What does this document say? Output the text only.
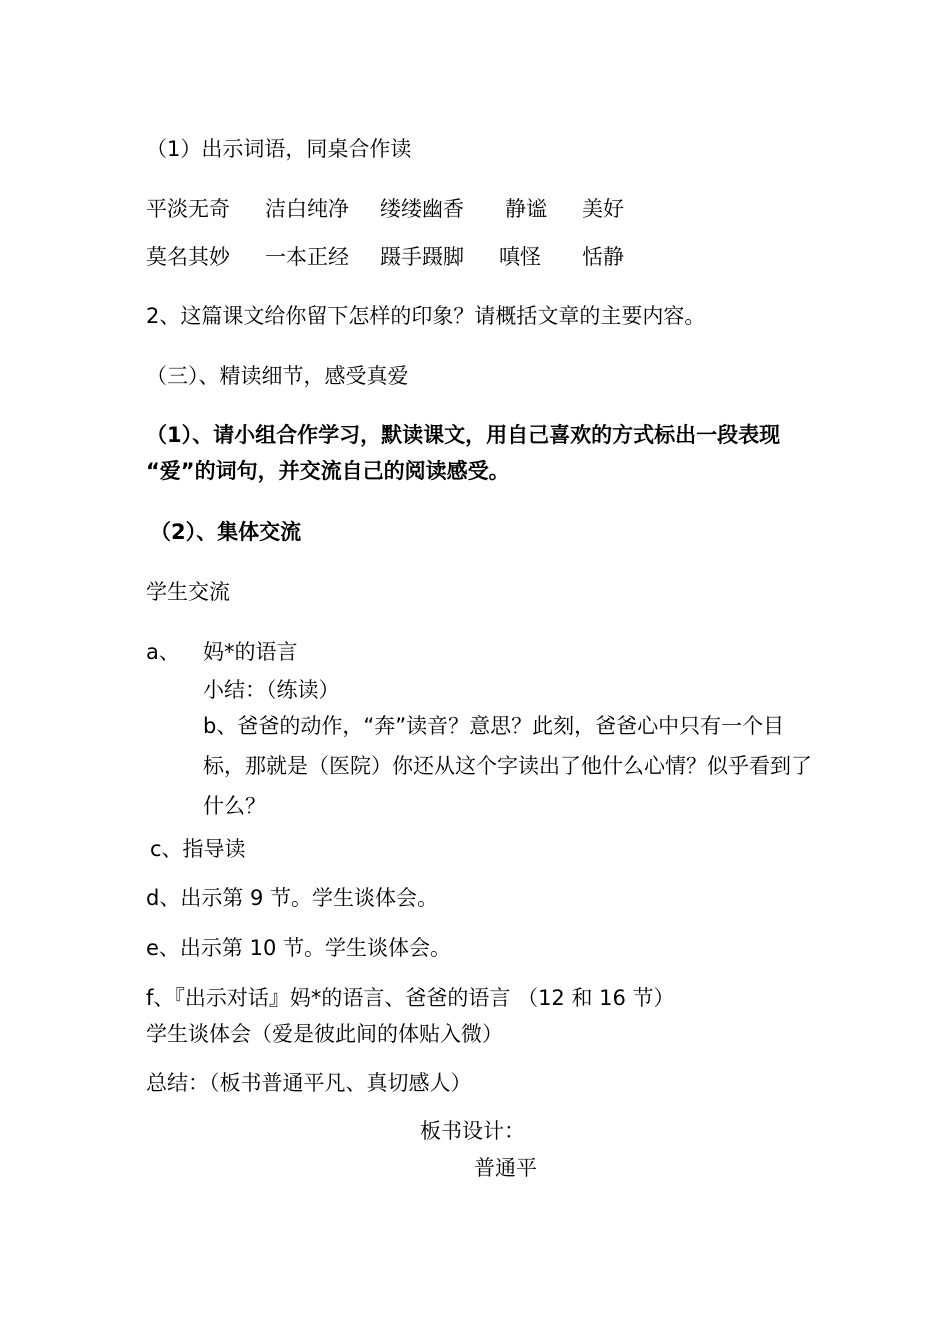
（1）出示词语，同桌合作读
平淡无奇 洁白纯净 缕缕幽香 静谧 美好
莫名其妙 一本正经 蹑手蹑脚 嗔怪 恬静
2、这篇课文给你留下怎样的印象？请概括文章的主要内容。
（三）、精读细节，感受真爱
（1）、请小组合作学习，默读课文，用自己喜欢的方式标出一段表现
“爱”的词句，并交流自己的阅读感受。
（2）、集体交流
学生交流
a、 妈*的语言
小结：（练读）
b、爸爸的动作，“奔”读音？意思？此刻，爸爸心中只有一个目标，那就是（医院）你还从这个字读出了他什么心情？似乎看到了什么？
c、指导读
d、出示第 9 节。学生谈体会。
e、出示第 10 节。学生谈体会。
f、『出示对话』妈*的语言、爸爸的语言 （12 和 16 节）
学生谈体会（爱是彼此间的体贴入微）
总结：（板书普通平凡、真切感人）
板书设计：
普通平
